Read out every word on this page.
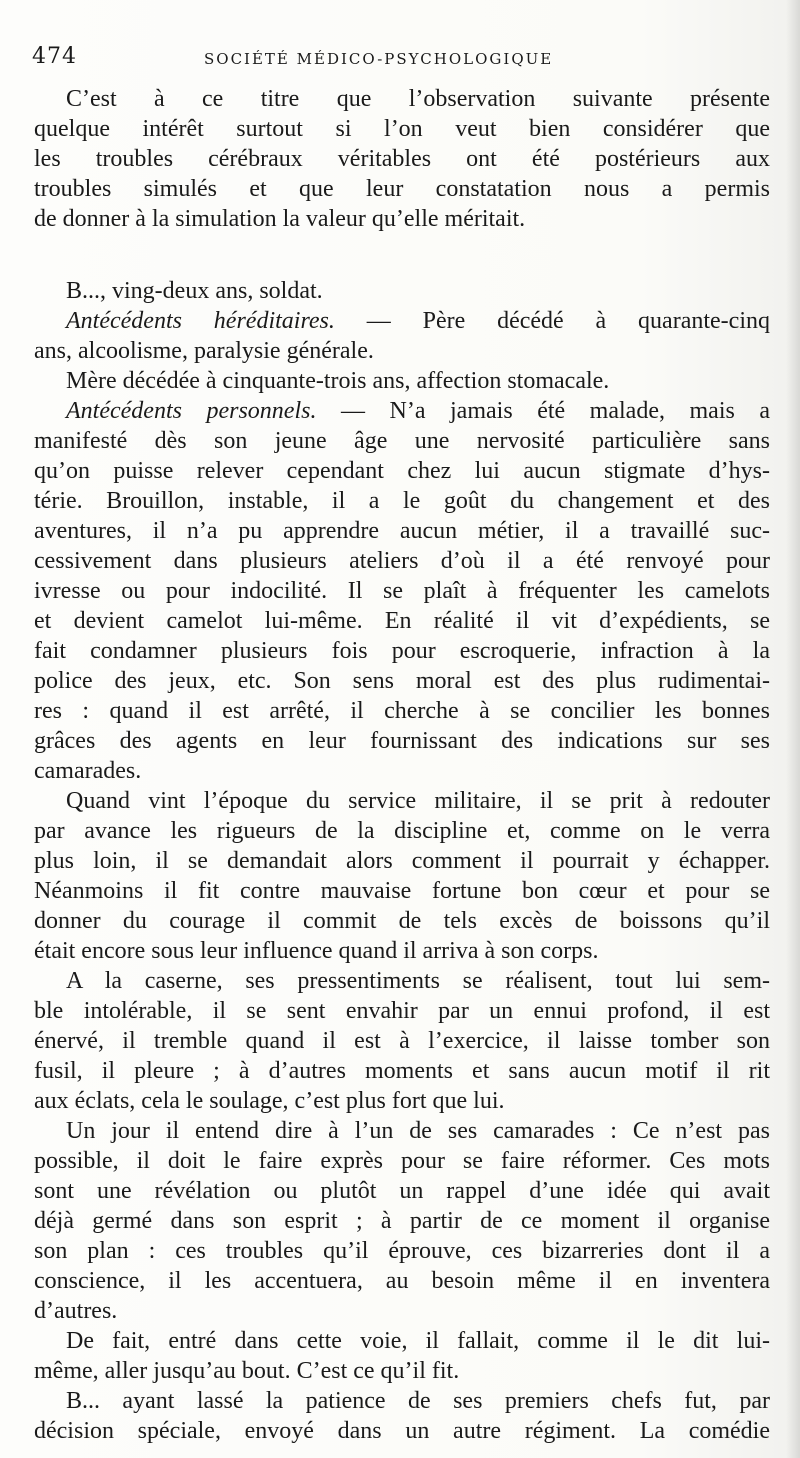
474	SOCIÉTÉ MÉDICO-PSYCHOLOGIQUE
C’est à ce titre que l’observation suivante présente
quelque intérêt surtout si l’on veut bien considérer que
les troubles cérébraux véritables ont été postérieurs aux
troubles simulés et que leur constatation nous a permis
de donner à la simulation la valeur qu’elle méritait.
B..., ving-deux ans, soldat.
Antécédents héréditaires. — Père décédé à quarante-cinq
ans, alcoolisme, paralysie générale.
Mère décédée à cinquante-trois ans, affection stomacale.
Antécédents personnels. — N’a jamais été malade, mais a
manifesté dès son jeune âge une nervosité particulière sans
qu’on puisse relever cependant chez lui aucun stigmate d’hys-
térie. Brouillon, instable, il a le goût du changement et des
aventures, il n’a pu apprendre aucun métier, il a travaillé suc-
cessivement dans plusieurs ateliers d’où il a été renvoyé pour
ivresse ou pour indocilité. Il se plaît à fréquenter les camelots
et devient camelot lui-même. En réalité il vit d’expédients, se
fait condamner plusieurs fois pour escroquerie, infraction à la
police des jeux, etc. Son sens moral est des plus rudimentai-
res : quand il est arrêté, il cherche à se concilier les bonnes
grâces des agents en leur fournissant des indications sur ses
camarades.
Quand vint l’époque du service militaire, il se prit à redouter
par avance les rigueurs de la discipline et, comme on le verra
plus loin, il se demandait alors comment il pourrait y échapper.
Néanmoins il fit contre mauvaise fortune bon cœur et pour se
donner du courage il commit de tels excès de boissons qu’il
était encore sous leur influence quand il arriva à son corps.
A la caserne, ses pressentiments se réalisent, tout lui sem-
ble intolérable, il se sent envahir par un ennui profond, il est
énervé, il tremble quand il est à l’exercice, il laisse tomber son
fusil, il pleure ; à d’autres moments et sans aucun motif il rit
aux éclats, cela le soulage, c’est plus fort que lui.
Un jour il entend dire à l’un de ses camarades : Ce n’est pas
possible, il doit le faire exprès pour se faire réformer. Ces mots
sont une révélation ou plutôt un rappel d’une idée qui avait
déjà germé dans son esprit ; à partir de ce moment il organise
son plan : ces troubles qu’il éprouve, ces bizarreries dont il a
conscience, il les accentuera, au besoin même il en inventera
d’autres.
De fait, entré dans cette voie, il fallait, comme il le dit lui-
même, aller jusqu’au bout. C’est ce qu’il fit.
B... ayant lassé la patience de ses premiers chefs fut, par
décision spéciale, envoyé dans un autre régiment. La comédie
